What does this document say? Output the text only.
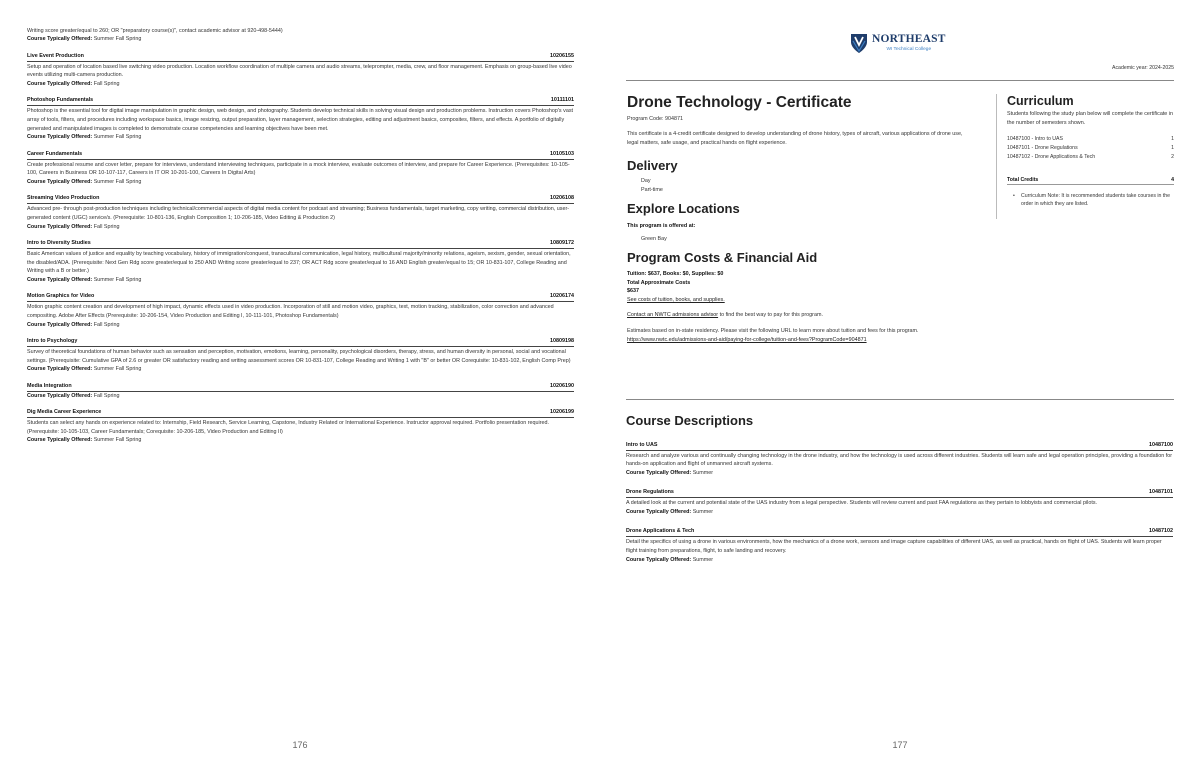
Writing score greater/equal to 260; OR "preparatory course(s)", contact academic advisor at 920-498-5444)
Course Typically Offered: Summer Fall Spring
Live Event Production	10206155
Setup and operation of location based live switching video production. Location workflow coordination of multiple camera and audio streams, teleprompter, media, crew, and floor management. Emphasis on group-based live video events utilizing multi-camera production.
Course Typically Offered: Fall Spring
Photoshop Fundamentals	10111101
Photoshop is the essential tool for digital image manipulation in graphic design, web design, and photography. Students develop technical skills in solving visual design and production problems. Instruction covers Photoshop's vast array of tools, filters, and procedures including workspace basics, image resizing, output preparation, layer management, selection strategies, editing and adjustment basics, composites, filters, and effects. A portfolio of digitally generated and manipulated images is completed to demonstrate course competencies and learning objectives have been met.
Course Typically Offered: Summer Fall Spring
Career Fundamentals	10105103
Create professional resume and cover letter, prepare for interviews, understand interviewing techniques, participate in a mock interview, evaluate outcomes of interview, and prepare for Career Experience. (Prerequisites: 10-105-100, Careers in Business OR 10-107-117, Careers in IT OR 10-201-100, Careers In Digital Arts)
Course Typically Offered: Summer Fall Spring
Streaming Video Production	10206108
Advanced pre- through post-production techniques including technical/commercial aspects of digital media content for podcast and streaming; Business fundamentals, target marketing, copy writing, commercial distribution, user-generated content (UGC) service/s. (Prerequisite: 10-801-136, English Composition 1; 10-206-185, Video Editing & Production 2)
Course Typically Offered: Fall Spring
Intro to Diversity Studies	10809172
Basic American values of justice and equality by teaching vocabulary, history of immigration/conquest, transcultural communication, legal history, multicultural majority/minority relations, ageism, sexism, gender, sexual orientation, the disabled/ADA. (Prerequisite: Next Gen Rdg score greater/equal to 250 AND Writing score greater/equal to 237; OR ACT Rdg score greater/equal to 16 AND English greater/equal to 15; OR 10-831-107, College Reading and Writing with a B or better.)
Course Typically Offered: Summer Fall Spring
Motion Graphics for Video	10206174
Motion graphic content creation and development of high impact, dynamic effects used in video production. Incorporation of still and motion video, graphics, text, motion tracking, stabilization, color correction and advanced compositing. Adobe After Effects (Prerequisite: 10-206-154, Video Production and Editing I, 10-111-101, Photoshop Fundamentals)
Course Typically Offered: Fall Spring
Intro to Psychology	10809198
Survey of theoretical foundations of human behavior such as sensation and perception, motivation, emotions, learning, personality, psychological disorders, therapy, stress, and human diversity in personal, social and vocational settings. (Prerequisite: Cumulative GPA of 2.6 or greater OR satisfactory reading and writing assessment scores OR 10-831-107, College Reading and Writing 1 with "B" or better OR Corequisite: 10-831-102, English Comp Prep)
Course Typically Offered: Summer Fall Spring
Media Integration	10206190
Course Typically Offered: Fall Spring
Dig Media Career Experience	10206199
Students can select any hands on experience related to: Internship, Field Research, Service Learning, Capstone, Industry Related or International Experience. Instructor approval required. Portfolio presentation required. (Prerequisite: 10-105-103, Career Fundamentals; Corequisite: 10-206-185, Video Production and Editing II)
Course Typically Offered: Summer Fall Spring
176
NORTHEAST
WI Technical College
Academic year: 2024-2025
Drone Technology - Certificate
Program Code: 904871
This certificate is a 4-credit certificate designed to develop understanding of drone history, types of aircraft, various applications of drone use, legal matters, safe usage, and practical hands on flight experience.
Delivery
Day
Part-time
Explore Locations
This program is offered at:
Green Bay
Program Costs & Financial Aid
Tuition: $637, Books: $0, Supplies: $0
Total Approximate Costs
$637
See costs of tuition, books, and supplies.
Contact an NWTC admissions advisor to find the best way to pay for this program.
Estimates based on in-state residency. Please visit the following URL to learn more about tuition and fees for this program.
https://www.nwtc.edu/admissions-and-aid/paying-for-college/tuition-and-fees?ProgramCode=904871
Curriculum
Students following the study plan below will complete the certificate in the number of semesters shown.
10487100 - Intro to UAS	1
10487101 - Drone Regulations	1
10487102 - Drone Applications & Tech	2
Total Credits	4
• Curriculum Note: It is recommended students take courses in the order in which they are listed.
Course Descriptions
Intro to UAS	10487100
Research and analyze various and continually changing technology in the drone industry, and how the technology is used across different industries. Students will learn safe and legal operation principles, providing a foundation for hands-on application and flight of unmanned aircraft systems.
Course Typically Offered: Summer
Drone Regulations	10487101
A detailed look at the current and potential state of the UAS industry from a legal perspective. Students will review current and past FAA regulations as they pertain to lobbyists and commercial pilots.
Course Typically Offered: Summer
Drone Applications & Tech	10487102
Detail the specifics of using a drone in various environments, how the mechanics of a drone work, sensors and image capture capabilities of different UAS, as well as practical, hands on flight of UAS. Students will learn proper flight training from preparations, flight, to safe landing and recovery.
Course Typically Offered: Summer
177
